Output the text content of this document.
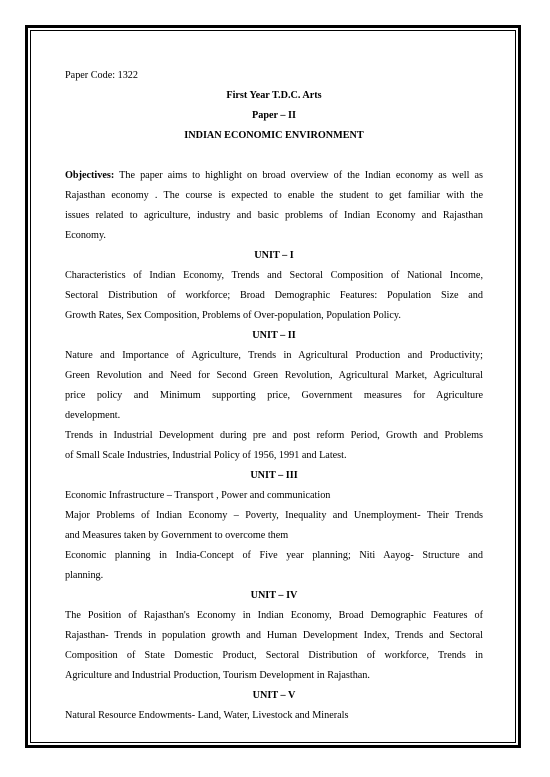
Paper Code: 1322
First Year T.D.C. Arts
Paper – II
INDIAN ECONOMIC ENVIRONMENT
Objectives: The paper aims to highlight on broad overview of the Indian economy as well as
Rajasthan economy . The course is expected to enable the student to get familiar with the
issues related to agriculture, industry and basic problems of Indian Economy and Rajasthan
Economy.
UNIT – I
Characteristics of Indian Economy, Trends and Sectoral Composition of National Income,
Sectoral Distribution of workforce; Broad Demographic Features: Population Size and
Growth Rates, Sex Composition, Problems of Over-population, Population Policy.
UNIT – II
Nature and Importance of Agriculture, Trends in Agricultural Production and Productivity;
Green Revolution and Need for Second Green Revolution, Agricultural Market, Agricultural
price policy and Minimum supporting price, Government measures for Agriculture
development.
Trends in Industrial Development during pre and post reform Period, Growth and Problems
of Small Scale Industries, Industrial Policy of 1956, 1991 and Latest.
UNIT – III
Economic Infrastructure – Transport , Power and communication
Major Problems of Indian Economy – Poverty, Inequality and Unemployment- Their Trends
and Measures taken by Government to overcome them
Economic planning in India-Concept of Five year planning; Niti Aayog- Structure and
planning.
UNIT – IV
The Position of Rajasthan's Economy in Indian Economy, Broad Demographic Features of
Rajasthan- Trends in population growth and Human Development Index, Trends and Sectoral
Composition of State Domestic Product, Sectoral Distribution of workforce, Trends in
Agriculture and Industrial Production, Tourism Development in Rajasthan.
UNIT – V
Natural Resource Endowments- Land, Water, Livestock and Minerals
